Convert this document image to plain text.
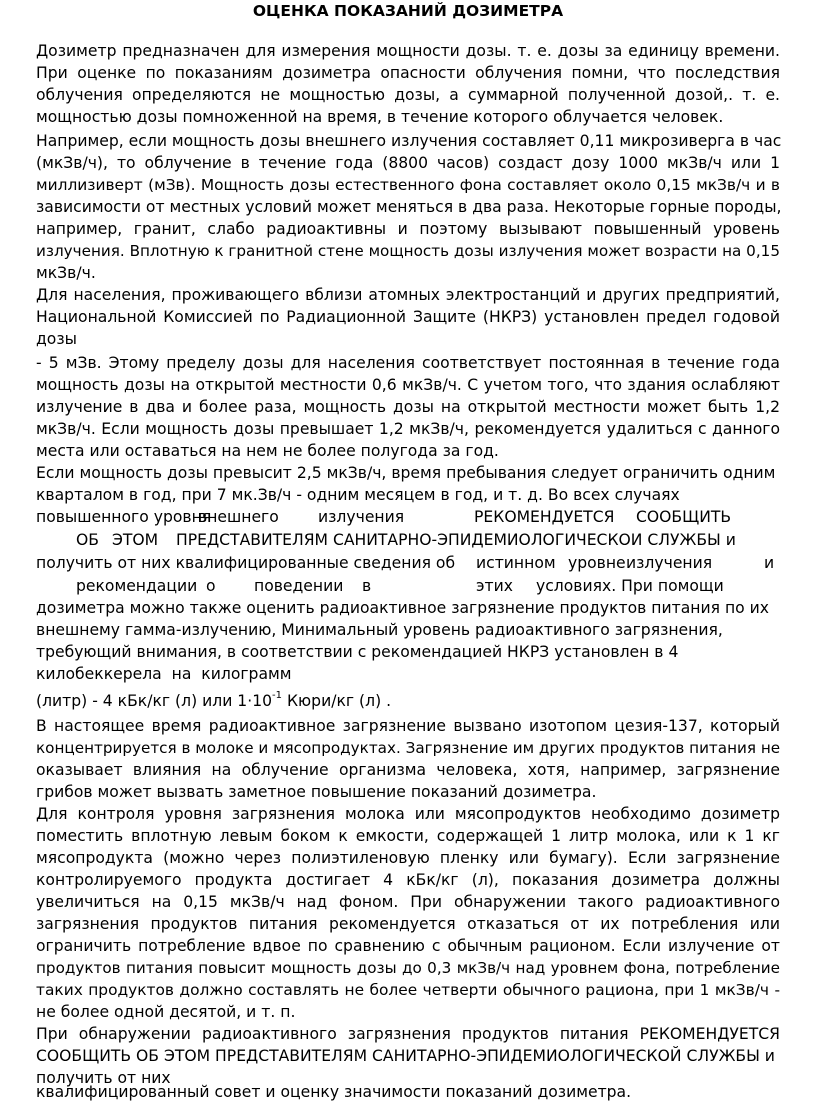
ОЦЕНКА ПОКАЗАНИЙ ДОЗИМЕТРА
Дозиметр предназначен для измерения мощности дозы. т. е. дозы за единицу времени.
При оценке по показаниям дозиметра опасности облучения помни, что последствия
облучения определяются не мощностью дозы, а суммарной полученной дозой,. т. е.
мощностью дозы помноженной на время, в течение которого облучается человек.
Например, если мощность дозы внешнего излучения составляет 0,11 микрозиверга в час
(мкЗв/ч), то облучение в течение года (8800 часов) создаст дозу 1000 мкЗв/ч или 1
миллизиверт (мЗв). Мощность дозы естественного фона составляет около 0,15 мкЗв/ч и в
зависимости от местных условий может меняться в два раза. Некоторые горные породы,
например, гранит, слабо радиоактивны и поэтому вызывают повышенный уровень
излучения. Вплотную к гранитной стене мощность дозы излучения может возрасти на 0,15
мкЗв/ч.
Для населения, проживающего вблизи атомных электростанций и других предприятий,
Национальной Комиссией по Радиационной Защите (НКРЗ) установлен предел годовой
дозы
- 5 мЗв. Этому пределу дозы для населения соответствует постоянная в течение года
мощность дозы на открытой местности 0,6 мкЗв/ч. С учетом того, что здания ослабляют
излучение в два и более раза, мощность дозы на открытой местности может быть 1,2
мкЗв/ч. Если мощность дозы превышает 1,2 мкЗв/ч, рекомендуется удалиться с данного
места или оставаться на нем не более полугода за год.
Если мощность дозы превысит 2,5 мкЗв/ч, время пребывания следует ограничить одним
кварталом в год, при 7 мк.Зв/ч - одним месяцем в год, и т. д. Во всех случаях
повышенного уровня
внешнего	излучения	РЕКОМЕНДУЕТСЯ СООБЩИТЬ
ОБ ЭТОМ ПРЕДСТАВИТЕЛЯМ САНИТАРНО-ЭПИДЕМИОЛОГИЧЕСКОИ СЛУЖБЫ и
получить от них квалифицированные сведения об истинном уровне излучения	и
рекомендации о поведении в	этих условиях. При помощи
дозиметра можно также оценить радиоактивное загрязнение продуктов питания по их
внешнему гамма-излучению, Минимальный уровень радиоактивного загрязнения,
требующий внимания, в соответствии с рекомендацией НКРЗ установлен в 4
килобеккерела  на  килограмм
(литр) - 4 кБк/кг (л) или $1\cdot 10^{-1}$ Кюри/кг (л) .
В настоящее время радиоактивное загрязнение вызвано изотопом цезия-137, который
концентрируется в молоке и мясопродуктах. Загрязнение им других продуктов питания не
оказывает влияния на облучение организма человека, хотя, например, загрязнение
грибов может вызвать заметное повышение показаний дозиметра.
Для контроля уровня загрязнения молока или мясопродуктов необходимо дозиметр
поместить вплотную левым боком к емкости, содержащей 1 литр молока, или к 1 кг
мясопродукта (можно через полиэтиленовую пленку или бумагу). Если загрязнение
контролируемого продукта достигает 4 кБк/кг (л), показания дозиметра должны
увеличиться на 0,15 мкЗв/ч над фоном. При обнаружении такого радиоактивного
загрязнения продуктов питания рекомендуется отказаться от их потребления или
ограничить потребление вдвое по сравнению с обычным рационом. Если излучение от
продуктов питания повысит мощность дозы до 0,3 мкЗв/ч над уровнем фона, потребление
таких продуктов должно составлять не более четверти обычного рациона, при 1 мкЗв/ч -
не более одной десятой, и т. п.
При обнаружении радиоактивного загрязнения продуктов питания РЕКОМЕНДУЕТСЯ
СООБЩИТЬ ОБ ЭТОМ ПРЕДСТАВИТЕЛЯМ САНИТАРНО-ЭПИДЕМИОЛОГИЧЕСКОЙ СЛУЖБЫ и
получить от них
квалифицированный совет и оценку значимости показаний дозиметра.
